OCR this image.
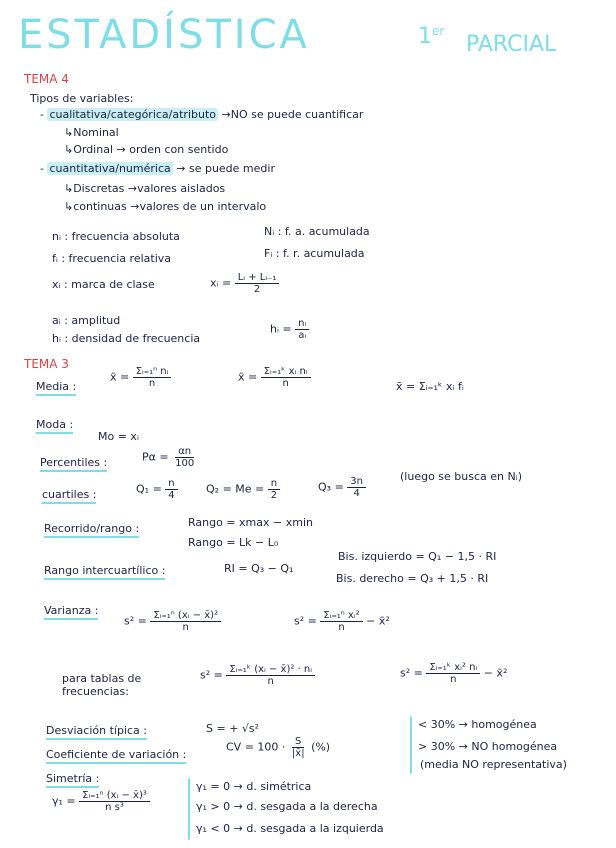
ESTADÍSTICA	1er
PARCIAL
TEMA 4
Tipos de variables:
- cualitativa/categórica/atributo →NO se puede cuantificar
↳Nominal
↳Ordinal → orden con sentido
- cuantitativa/numérica → se puede medir
↳Discretas →valores aislados
↳continuas →valores de un intervalo
nᵢ : frecuencia absoluta	Nᵢ : f. a. acumulada
fᵢ : frecuencia relativa	Fᵢ : f. r. acumulada
xᵢ : marca de clase	xᵢ = $\frac{\text{Lᵢ + Lᵢ₋₁}}{2}$
aᵢ : amplitud
hᵢ : densidad de frecuencia
hᵢ = $\frac{\text{nᵢ}}{\text{aᵢ}}$
TEMA 3
Media :
x̄ = $\frac{\text{Σᵢ₌₁ⁿ nᵢ}}{n}$	x̄ = $\frac{\text{Σᵢ₌₁ᵏ xᵢ nᵢ}}{n}$	x̄ = Σᵢ₌₁ᵏ xᵢ fᵢ
Moda :
Mo = xᵢ
Percentiles :	$P\alpha = \frac{\alpha n}{100}$
cuartiles :	$Q_1 = \frac{n}{4}$	$Q_2 = Me = \frac{n}{2}$	$Q_3 = \frac{3n}{4}$	(luego se busca en Nᵢ)
Recorrido/rango :	Rango = xmax − xmin
Rango = Lk − L₀
Rango intercuartílico :	RI = Q₃ − Q₁
Bis. izquierdo = Q₁ − 1,5 · RI
Bis. derecho = Q₃ + 1,5 · RI
Varianza :
$s^2 = \frac{\text{Σᵢ₌₁ⁿ (xᵢ − x̄)²}}{n}$	$s^2 = \frac{\text{Σᵢ₌₁ⁿ xᵢ²}}{n}$ − x̄²
para tablas de frecuencias:
$s^2 = \frac{\text{Σᵢ₌₁ᵏ (xᵢ − x̄)² · nᵢ}}{n}$	$s^2 = \frac{\text{Σᵢ₌₁ᵏ xᵢ² nᵢ}}{n}$ − x̄²
Desviación típica :	S = + √s²
Coeficiente de variación :
CV = $100 \cdot \frac{S}{|x̄|}$ (%)
< 30% → homogénea
> 30% → NO homogénea
(media NO representativa)
Simetría :
$\gamma_1 = \frac{\text{Σᵢ₌₁ⁿ (xᵢ − x̄)³}}{\text{n s³}}$
γ₁ = 0 → d. simétrica
γ₁ > 0 → d. sesgada a la derecha
γ₁ < 0 → d. sesgada a la izquierda
